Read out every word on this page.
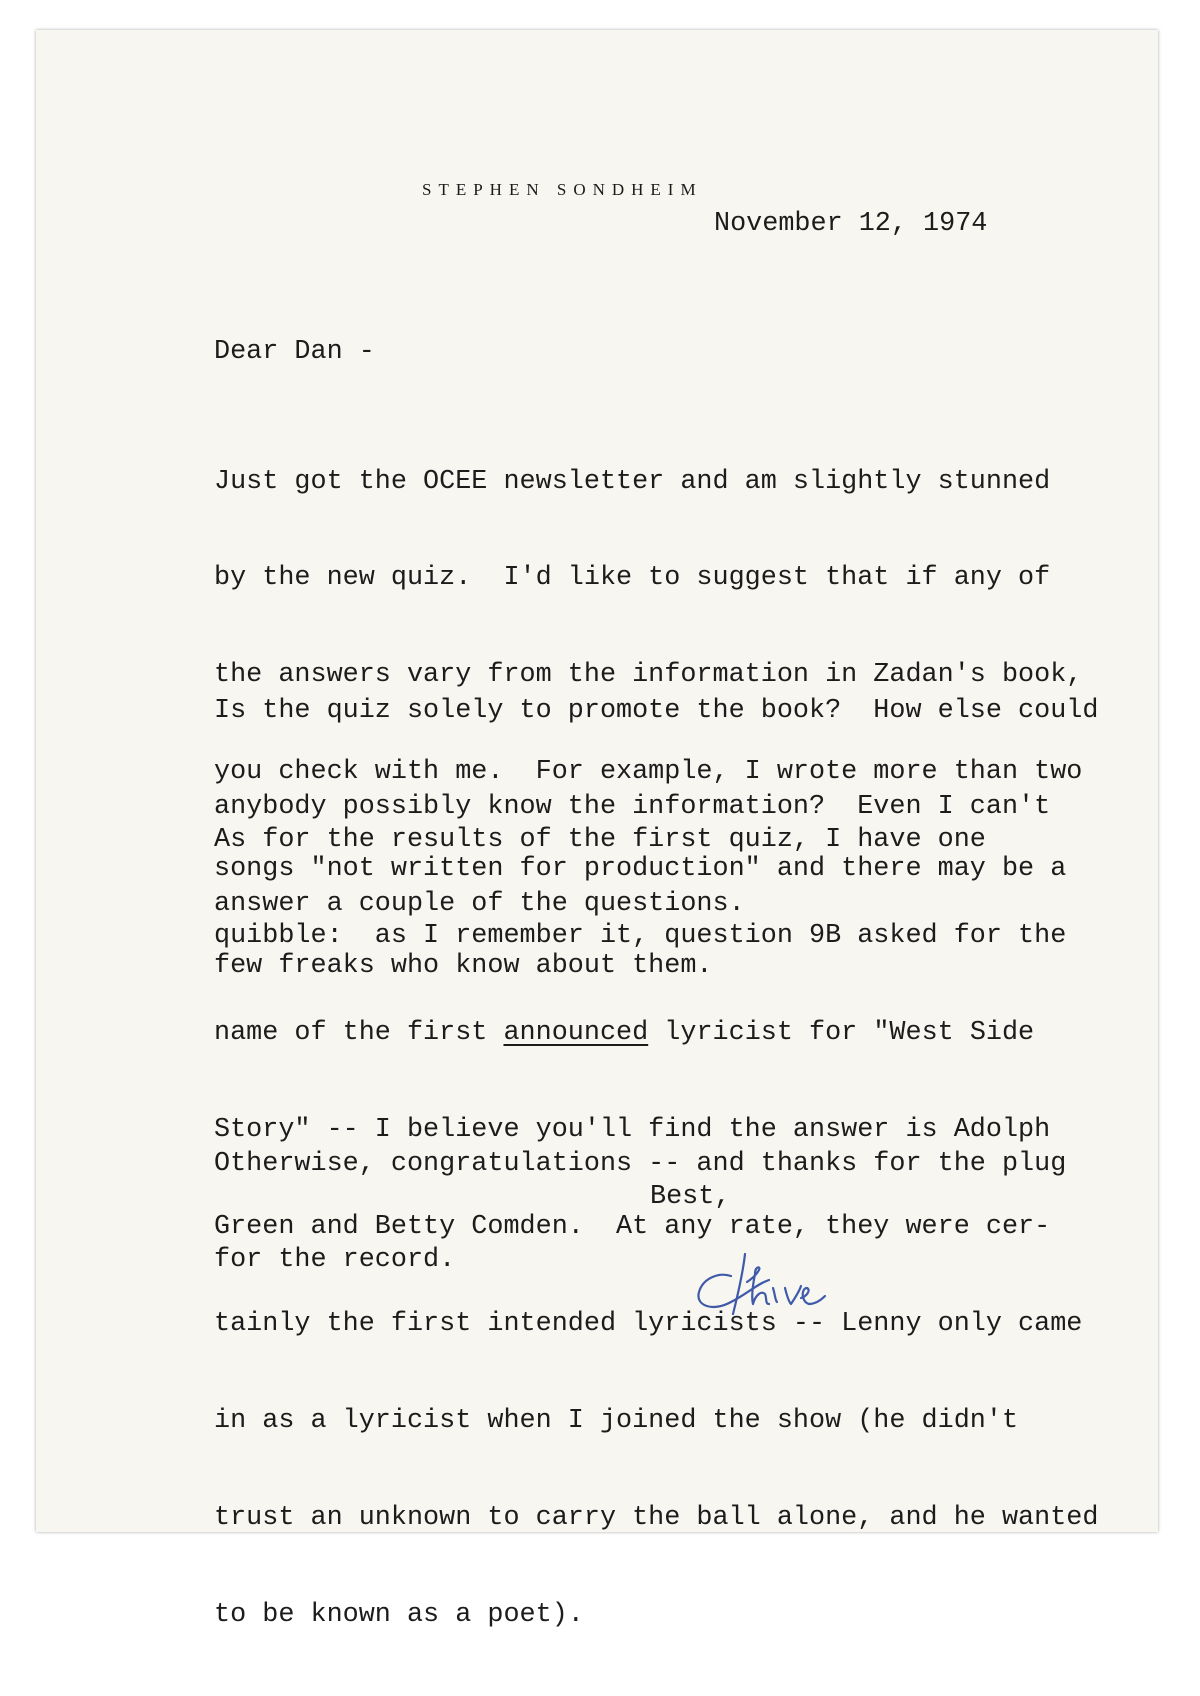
STEPHEN SONDHEIM
November 12, 1974
Dear Dan -

Just got the OCEE newsletter and am slightly stunned

by the new quiz.  I'd like to suggest that if any of

the answers vary from the information in Zadan's book,

you check with me.  For example, I wrote more than two

songs "not written for production" and there may be a

few freaks who know about them.

Is the quiz solely to promote the book?  How else could

anybody possibly know the information?  Even I can't

answer a couple of the questions.

As for the results of the first quiz, I have one

quibble:  as I remember it, question 9B asked for the

name of the first announced lyricist for "West Side

Story" -- I believe you'll find the answer is Adolph

Green and Betty Comden.  At any rate, they were cer-

tainly the first intended lyricists -- Lenny only came

in as a lyricist when I joined the show (he didn't

trust an unknown to carry the ball alone, and he wanted

to be known as a poet).

Otherwise, congratulations -- and thanks for the plug

for the record.

Best,
